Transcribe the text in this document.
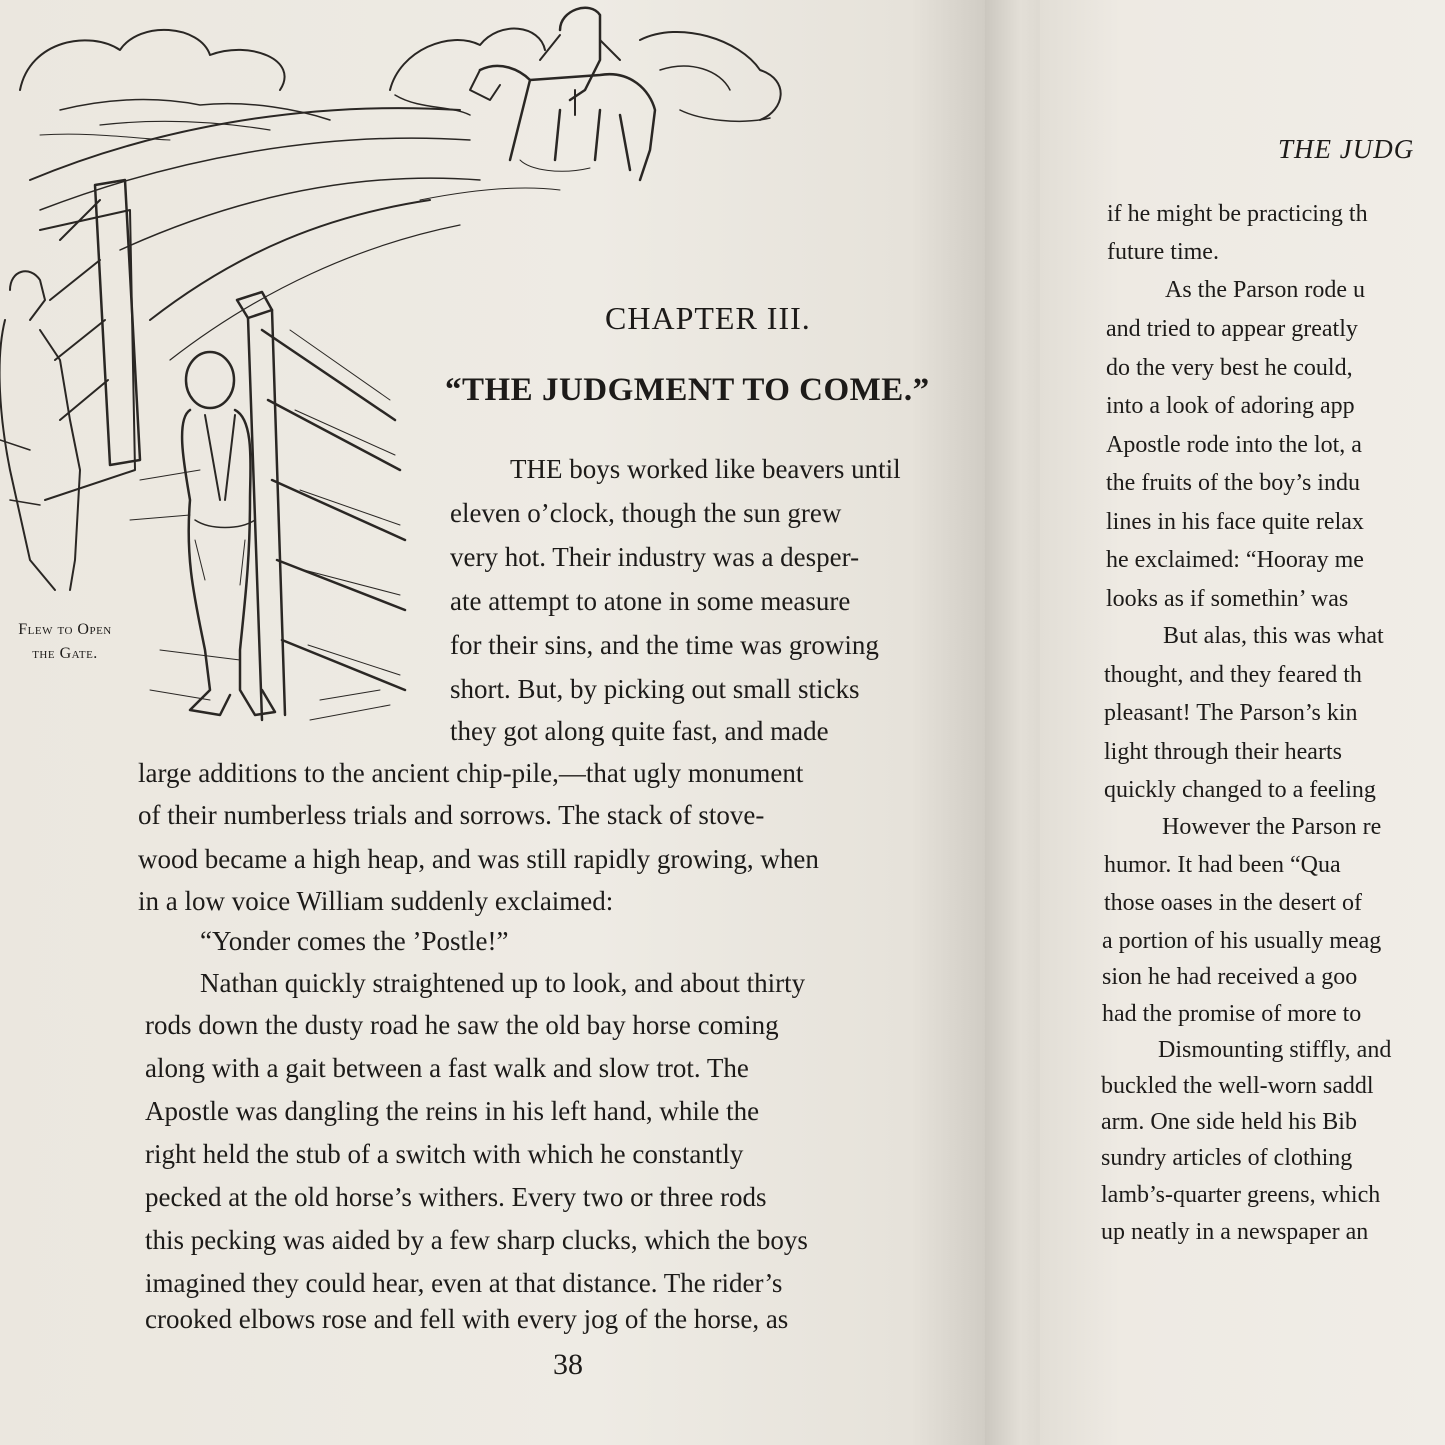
Flew to Open
the Gate.
CHAPTER III.
“THE JUDGMENT TO COME.”
THE boys worked like beavers until
eleven o’clock, though the sun grew
very hot. Their industry was a desper-
ate attempt to atone in some measure
for their sins, and the time was growing
short. But, by picking out small sticks
they got along quite fast, and made
large additions to the ancient chip-pile,—that ugly monument
of their numberless trials and sorrows. The stack of stove-
wood became a high heap, and was still rapidly growing, when
in a low voice William suddenly exclaimed:
“Yonder comes the ’Postle!”
Nathan quickly straightened up to look, and about thirty
rods down the dusty road he saw the old bay horse coming
along with a gait between a fast walk and slow trot. The
Apostle was dangling the reins in his left hand, while the
right held the stub of a switch with which he constantly
pecked at the old horse’s withers. Every two or three rods
this pecking was aided by a few sharp clucks, which the boys
imagined they could hear, even at that distance. The rider’s
crooked elbows rose and fell with every jog of the horse, as
38
THE JUDG
if he might be practicing th
future time.
As the Parson rode u
and tried to appear greatly
do the very best he could,
into a look of adoring app
Apostle rode into the lot, a
the fruits of the boy’s indu
lines in his face quite relax
he exclaimed: “Hooray me
looks as if somethin’ was
But alas, this was what
thought, and they feared th
pleasant! The Parson’s kin
light through their hearts
quickly changed to a feeling
However the Parson re
humor. It had been “Qua
those oases in the desert of
a portion of his usually meag
sion he had received a goo
had the promise of more to
Dismounting stiffly, and
buckled the well-worn saddl
arm. One side held his Bib
sundry articles of clothing
lamb’s-quarter greens, which
up neatly in a newspaper an
